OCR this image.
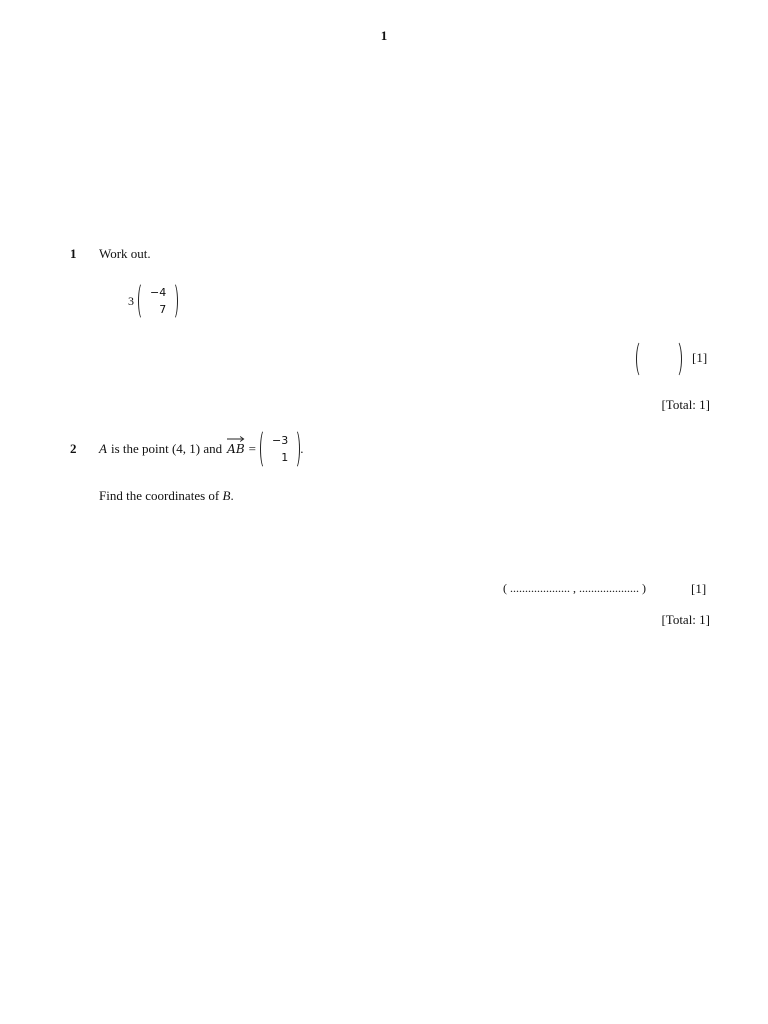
1
1 Work out.
3
−4
7
[1]
[Total: 1]
2 A is the point (4, 1) and AB =
−3
1
.
Find the coordinates of B.
( .................... , .................... )	[1]
[Total: 1]
